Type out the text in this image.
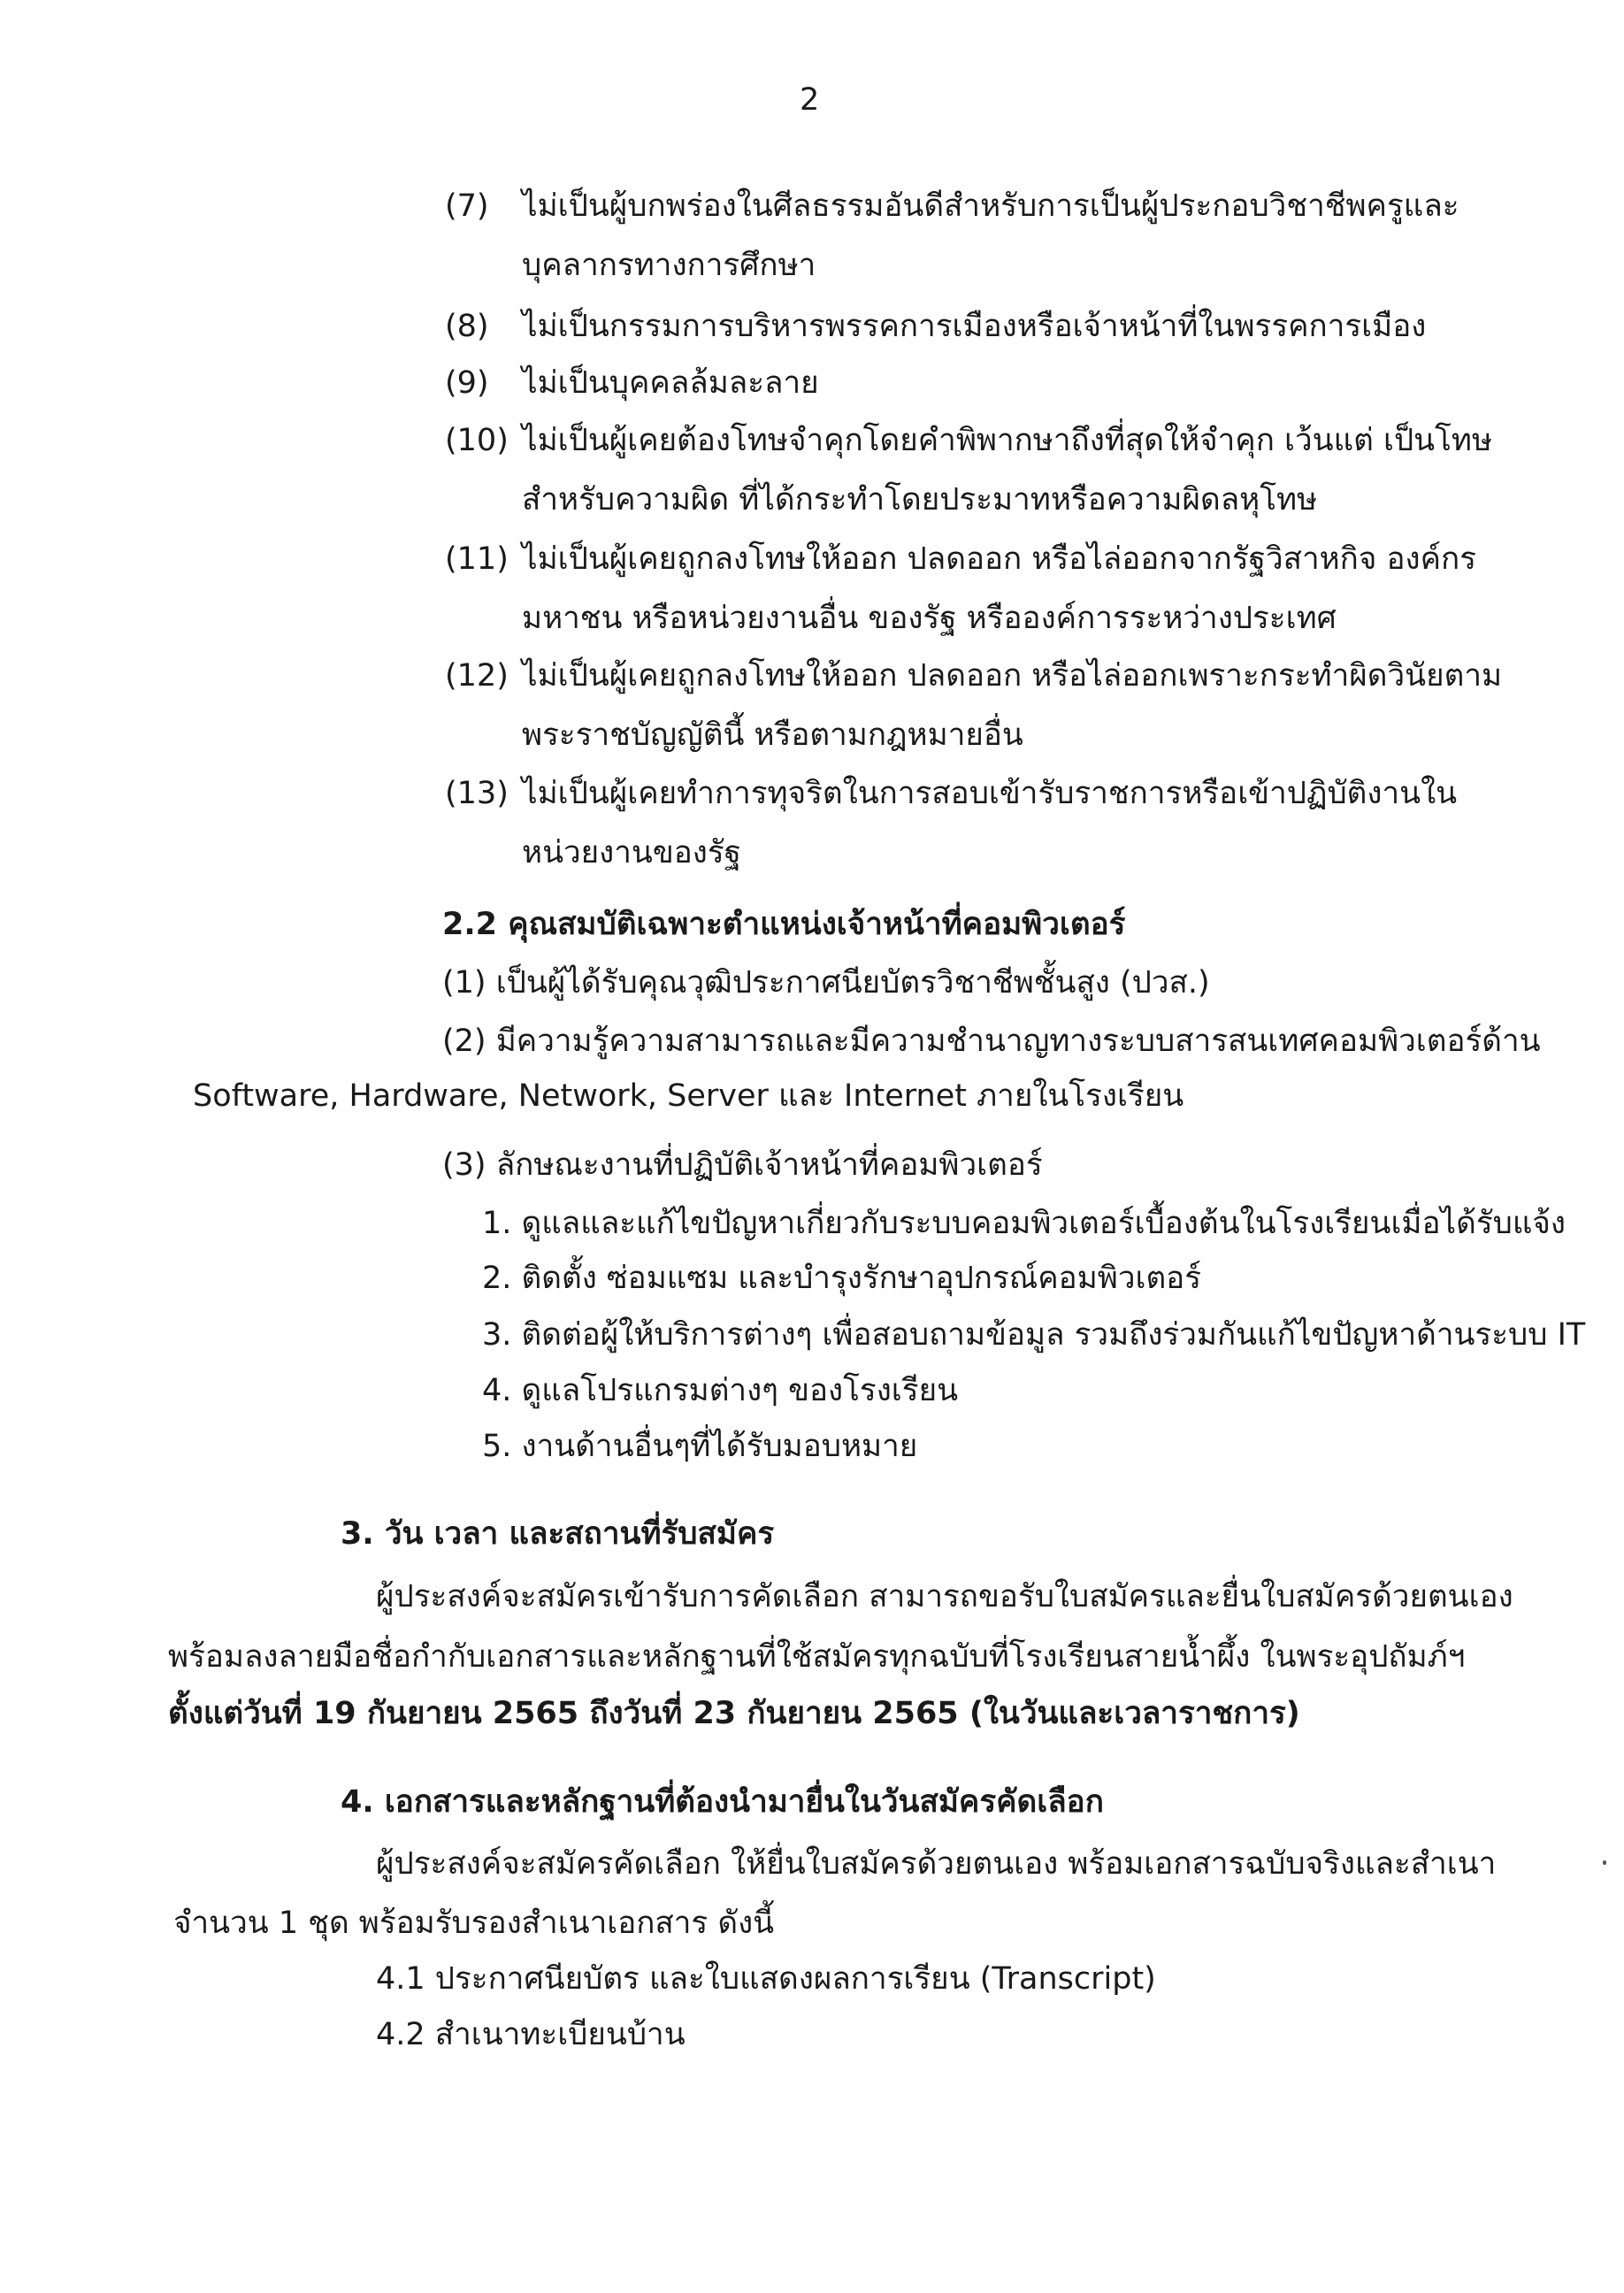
2
(7) ไม่เป็นผู้บกพร่องในศีลธรรมอันดีสำหรับการเป็นผู้ประกอบวิชาชีพครูและ
บุคลากรทางการศึกษา
(8) ไม่เป็นกรรมการบริหารพรรคการเมืองหรือเจ้าหน้าที่ในพรรคการเมือง
(9) ไม่เป็นบุคคลล้มละลาย
(10) ไม่เป็นผู้เคยต้องโทษจำคุกโดยคำพิพากษาถึงที่สุดให้จำคุก เว้นแต่ เป็นโทษ
สำหรับความผิด ที่ได้กระทำโดยประมาทหรือความผิดลหุโทษ
(11) ไม่เป็นผู้เคยถูกลงโทษให้ออก ปลดออก หรือไล่ออกจากรัฐวิสาหกิจ องค์กร
มหาชน หรือหน่วยงานอื่น ของรัฐ หรือองค์การระหว่างประเทศ
(12) ไม่เป็นผู้เคยถูกลงโทษให้ออก ปลดออก หรือไล่ออกเพราะกระทำผิดวินัยตาม
พระราชบัญญัตินี้ หรือตามกฎหมายอื่น
(13) ไม่เป็นผู้เคยทำการทุจริตในการสอบเข้ารับราชการหรือเข้าปฏิบัติงานใน
หน่วยงานของรัฐ
2.2 คุณสมบัติเฉพาะตำแหน่งเจ้าหน้าที่คอมพิวเตอร์
(1) เป็นผู้ได้รับคุณวุฒิประกาศนียบัตรวิชาชีพชั้นสูง (ปวส.)
(2) มีความรู้ความสามารถและมีความชำนาญทางระบบสารสนเทศคอมพิวเตอร์ด้าน
Software, Hardware, Network, Server และ Internet ภายในโรงเรียน
(3) ลักษณะงานที่ปฏิบัติเจ้าหน้าที่คอมพิวเตอร์
1. ดูแลและแก้ไขปัญหาเกี่ยวกับระบบคอมพิวเตอร์เบื้องต้นในโรงเรียนเมื่อได้รับแจ้ง
2. ติดตั้ง ซ่อมแซม และบำรุงรักษาอุปกรณ์คอมพิวเตอร์
3. ติดต่อผู้ให้บริการต่างๆ เพื่อสอบถามข้อมูล รวมถึงร่วมกันแก้ไขปัญหาด้านระบบ IT
4. ดูแลโปรแกรมต่างๆ ของโรงเรียน
5. งานด้านอื่นๆที่ได้รับมอบหมาย
3. วัน เวลา และสถานที่รับสมัคร
ผู้ประสงค์จะสมัครเข้ารับการคัดเลือก สามารถขอรับใบสมัครและยื่นใบสมัครด้วยตนเอง
พร้อมลงลายมือชื่อกำกับเอกสารและหลักฐานที่ใช้สมัครทุกฉบับที่โรงเรียนสายน้ำผึ้ง ในพระอุปถัมภ์ฯ
ตั้งแต่วันที่ 19 กันยายน 2565 ถึงวันที่ 23 กันยายน 2565 (ในวันและเวลาราชการ)
4. เอกสารและหลักฐานที่ต้องนำมายื่นในวันสมัครคัดเลือก
ผู้ประสงค์จะสมัครคัดเลือก ให้ยื่นใบสมัครด้วยตนเอง พร้อมเอกสารฉบับจริงและสำเนา
จำนวน 1 ชุด พร้อมรับรองสำเนาเอกสาร ดังนี้
4.1 ประกาศนียบัตร และใบแสดงผลการเรียน (Transcript)
4.2 สำเนาทะเบียนบ้าน
